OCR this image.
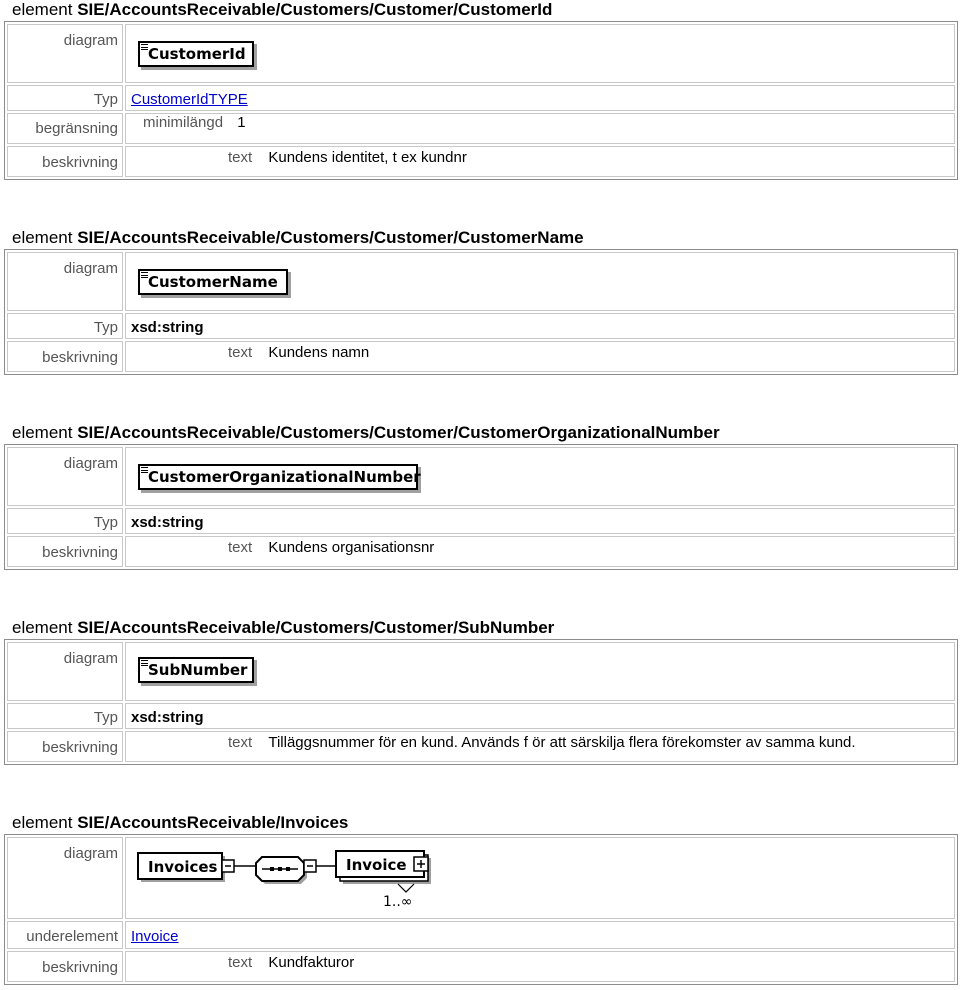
element SIE/AccountsReceivable/Customers/Customer/CustomerId
diagram	CustomerId

Typ	CustomerIdTYPE

begränsning	minimilängd 1

beskrivning	text Kundens identitet, t ex kundnr
element SIE/AccountsReceivable/Customers/Customer/CustomerName
diagram	CustomerName

Typ	xsd:string

beskrivning	text Kundens namn
element SIE/AccountsReceivable/Customers/Customer/CustomerOrganizationalNumber
diagram	CustomerOrganizationalNumber

Typ	xsd:string

beskrivning	text Kundens organisationsnr
element SIE/AccountsReceivable/Customers/Customer/SubNumber
diagram	SubNumber

Typ	xsd:string

beskrivning	text Tilläggsnummer för en kund. Används f ör att särskilja flera förekomster av samma kund.
element SIE/AccountsReceivable/Invoices
diagram	Invoices Invoice
1..∞

underelement	Invoice

beskrivning	text Kundfakturor
